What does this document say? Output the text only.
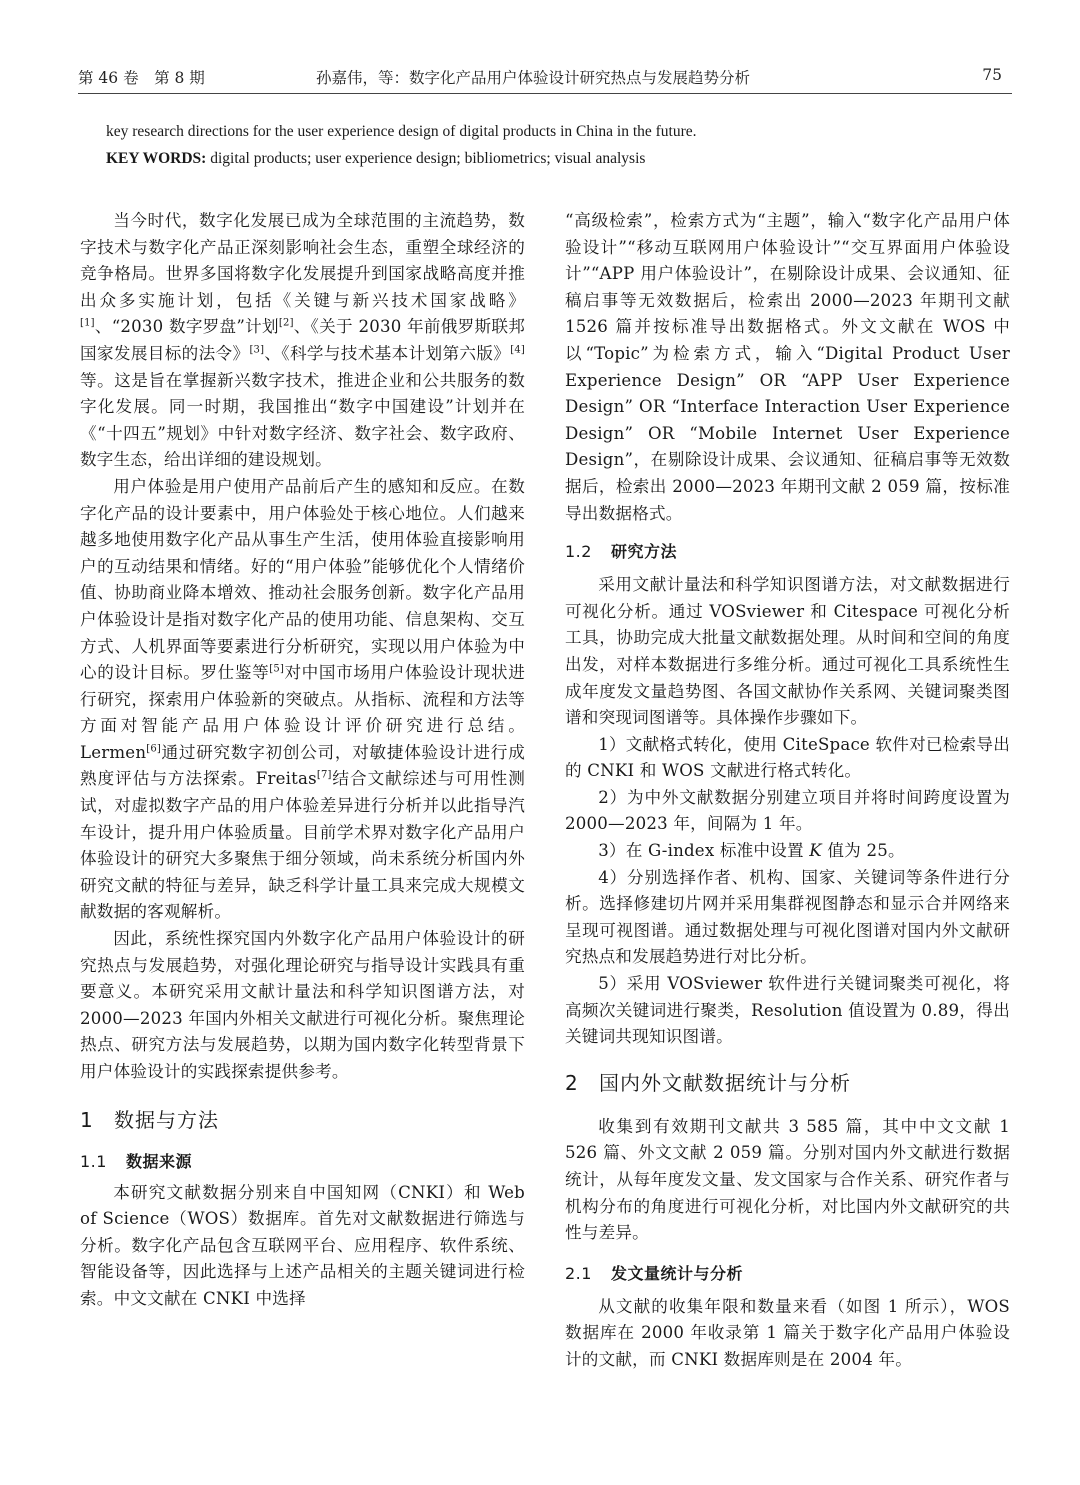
第 46 卷　第 8 期	孙嘉伟，等：数字化产品用户体验设计研究热点与发展趋势分析	75

key research directions for the user experience design of digital products in China in the future.

KEY WORDS: digital products; user experience design; bibliometrics; visual analysis

当今时代，数字化发展已成为全球范围的主流趋势，数字技术与数字化产品正深刻影响社会生态，重塑全球经济的竞争格局。世界多国将数字化发展提升到国家战略高度并推出众多实施计划，包括《关键与新兴技术国家战略》[1]、“2030 数字罗盘”计划[2]、《关于 2030 年前俄罗斯联邦国家发展目标的法令》[3]、《科学与技术基本计划第六版》[4]等。这是旨在掌握新兴数字技术，推进企业和公共服务的数字化发展。同一时期，我国推出“数字中国建设”计划并在《“十四五”规划》中针对数字经济、数字社会、数字政府、数字生态，给出详细的建设规划。

用户体验是用户使用产品前后产生的感知和反应。在数字化产品的设计要素中，用户体验处于核心地位。人们越来越多地使用数字化产品从事生产生活，使用体验直接影响用户的互动结果和情绪。好的“用户体验”能够优化个人情绪价值、协助商业降本增效、推动社会服务创新。数字化产品用户体验设计是指对数字化产品的使用功能、信息架构、交互方式、人机界面等要素进行分析研究，实现以用户体验为中心的设计目标。罗仕鉴等[5]对中国市场用户体验设计现状进行研究，探索用户体验新的突破点。从指标、流程和方法等方面对智能产品用户体验设计评价研究进行总结。Lermen[6]通过研究数字初创公司，对敏捷体验设计进行成熟度评估与方法探索。Freitas[7]结合文献综述与可用性测试，对虚拟数字产品的用户体验差异进行分析并以此指导汽车设计，提升用户体验质量。目前学术界对数字化产品用户体验设计的研究大多聚焦于细分领域，尚未系统分析国内外研究文献的特征与差异，缺乏科学计量工具来完成大规模文献数据的客观解析。

因此，系统性探究国内外数字化产品用户体验设计的研究热点与发展趋势，对强化理论研究与指导设计实践具有重要意义。本研究采用文献计量法和科学知识图谱方法，对 2000—2023 年国内外相关文献进行可视化分析。聚焦理论热点、研究方法与发展趋势，以期为国内数字化转型背景下用户体验设计的实践探索提供参考。

1 数据与方法
1.1 数据来源

本研究文献数据分别来自中国知网（CNKI）和 Web of Science（WOS）数据库。首先对文献数据进行筛选与分析。数字化产品包含互联网平台、应用程序、软件系统、智能设备等，因此选择与上述产品相关的主题关键词进行检索。中文文献在 CNKI 中选择

“高级检索”，检索方式为“主题”，输入“数字化产品用户体验设计”“移动互联网用户体验设计”“交互界面用户体验设计”“APP 用户体验设计”，在剔除设计成果、会议通知、征稿启事等无效数据后，检索出 2000—2023 年期刊文献 1526 篇并按标准导出数据格式。外文文献在 WOS 中以“Topic”为检索方式，输入“Digital Product User Experience Design” OR “APP User Experience Design” OR “Interface Interaction User Experience Design” OR “Mobile Internet User Experience Design”，在剔除设计成果、会议通知、征稿启事等无效数据后，检索出 2000—2023 年期刊文献 2 059 篇，按标准导出数据格式。

1.2 研究方法

采用文献计量法和科学知识图谱方法，对文献数据进行可视化分析。通过 VOSviewer 和 Citespace 可视化分析工具，协助完成大批量文献数据处理。从时间和空间的角度出发，对样本数据进行多维分析。通过可视化工具系统性生成年度发文量趋势图、各国文献协作关系网、关键词聚类图谱和突现词图谱等。具体操作步骤如下。

1）文献格式转化，使用 CiteSpace 软件对已检索导出的 CNKI 和 WOS 文献进行格式转化。

2）为中外文献数据分别建立项目并将时间跨度设置为 2000—2023 年，间隔为 1 年。

3）在 G-index 标准中设置 K 值为 25。

4）分别选择作者、机构、国家、关键词等条件进行分析。选择修建切片网并采用集群视图静态和显示合并网络来呈现可视图谱。通过数据处理与可视化图谱对国内外文献研究热点和发展趋势进行对比分析。

5）采用 VOSviewer 软件进行关键词聚类可视化，将高频次关键词进行聚类，Resolution 值设置为 0.89，得出关键词共现知识图谱。

2 国内外文献数据统计与分析

收集到有效期刊文献共 3 585 篇，其中中文文献 1 526 篇、外文文献 2 059 篇。分别对国内外文献进行数据统计，从每年度发文量、发文国家与合作关系、研究作者与机构分布的角度进行可视化分析，对比国内外文献研究的共性与差异。

2.1 发文量统计与分析

从文献的收集年限和数量来看（如图 1 所示），WOS 数据库在 2000 年收录第 1 篇关于数字化产品用户体验设计的文献，而 CNKI 数据库则是在 2004 年。
